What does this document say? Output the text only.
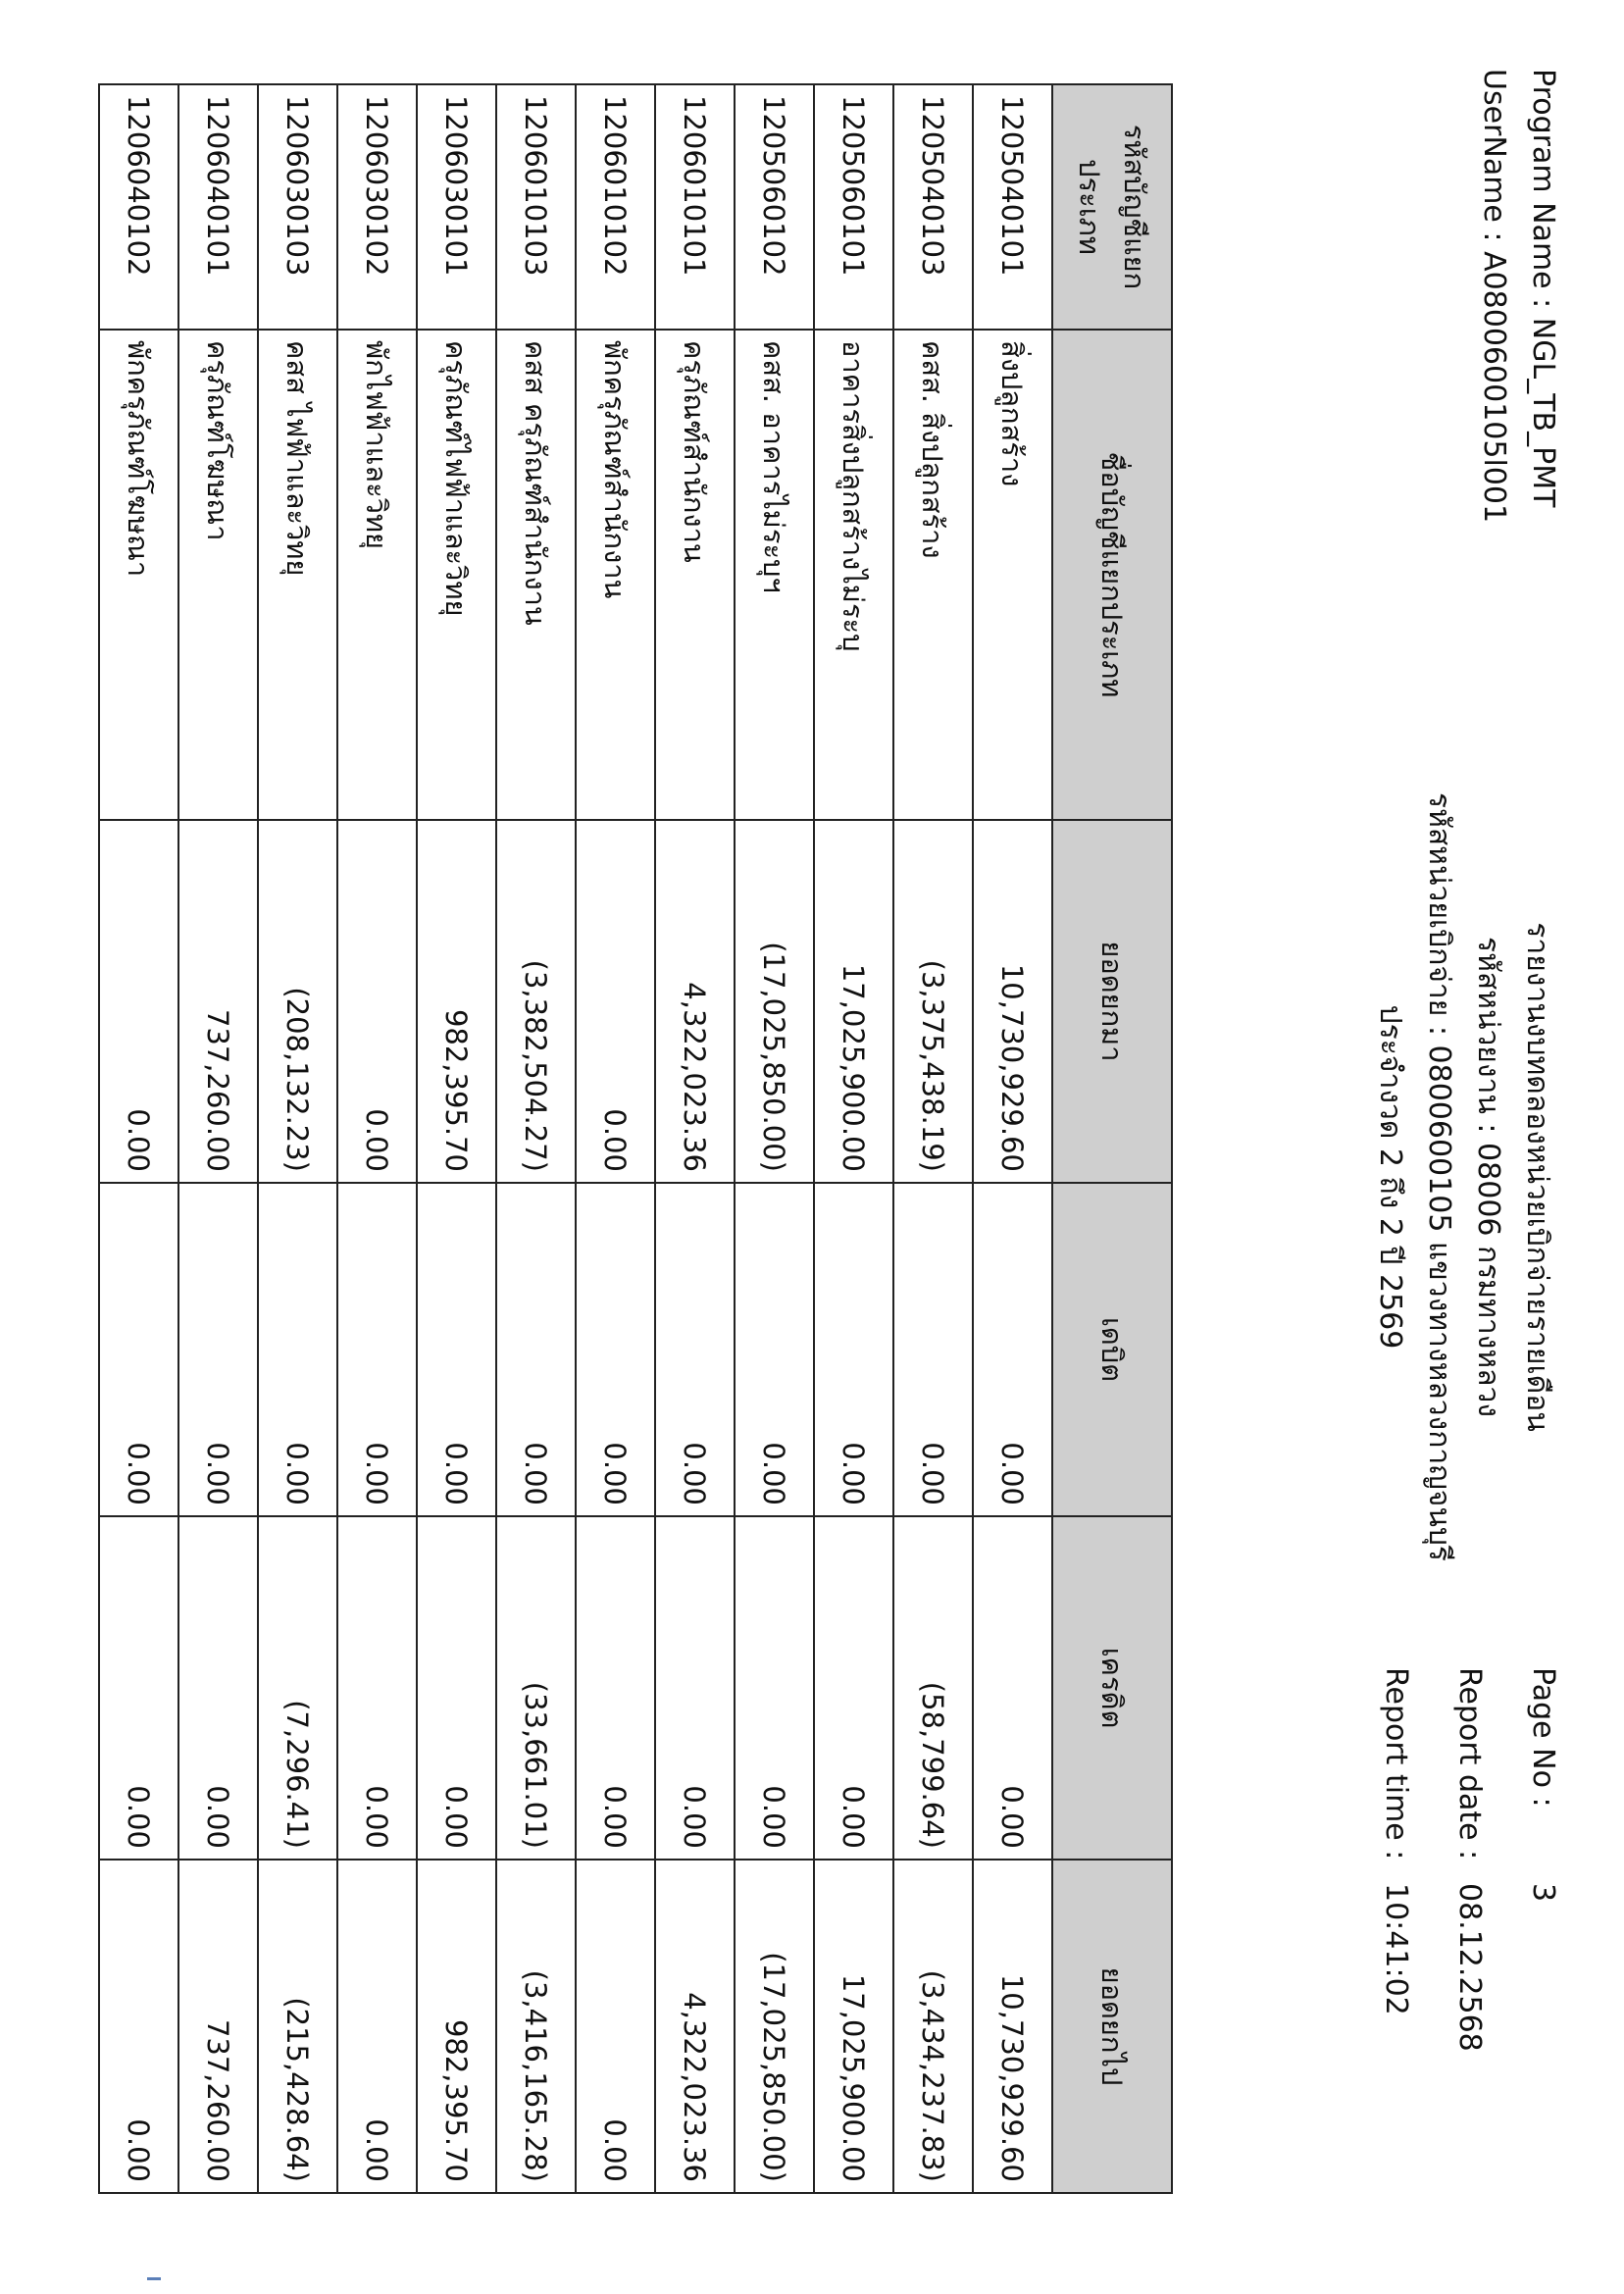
Program Name : NGL_TB_PMT
UserName : A0800600105l001
รายงานงบทดลองหน่วยเบิกจ่ายรายเดือน
รหัสหน่วยงาน : 08006 กรมทางหลวง
รหัสหน่วยเบิกจ่าย : 0800600105 แขวงทางหลวงกาญจนบุรี
ประจำงวด 2 ถึง 2 ปี 2569
Page No :
3
Report date :
08.12.2568
Report time :
10:41:02
รหัสบัญชีแยกประเภท	ชื่อบัญชีแยกประเภท	ยอดยกมา	เดบิต	เครดิต	ยอดยกไป
1205040101	สิ่งปลูกสร้าง	10,730,929.60	0.00	0.00	10,730,929.60
1205040103	คสส. สิ่งปลูกสร้าง	(3,375,438.19)	0.00	(58,799.64)	(3,434,237.83)
1205060101	อาคารสิ่งปลูกสร้างไม่ระบุ	17,025,900.00	0.00	0.00	17,025,900.00
1205060102	คสส. อาคารไม่ระบุฯ	(17,025,850.00)	0.00	0.00	(17,025,850.00)
1206010101	ครุภัณฑ์สำนักงาน	4,322,023.36	0.00	0.00	4,322,023.36
1206010102	พักครุภัณฑ์สำนักงาน	0.00	0.00	0.00	0.00
1206010103	คสส ครุภัณฑ์สำนักงาน	(3,382,504.27)	0.00	(33,661.01)	(3,416,165.28)
1206030101	ครุภัณฑ์ไฟฟ้าและวิทยุ	982,395.70	0.00	0.00	982,395.70
1206030102	พักไฟฟ้าและวิทยุ	0.00	0.00	0.00	0.00
1206030103	คสส ไฟฟ้าและวิทยุ	(208,132.23)	0.00	(7,296.41)	(215,428.64)
1206040101	ครุภัณฑ์โฆษณา	737,260.00	0.00	0.00	737,260.00
1206040102	พักครุภัณฑ์โฆษณา	0.00	0.00	0.00	0.00
